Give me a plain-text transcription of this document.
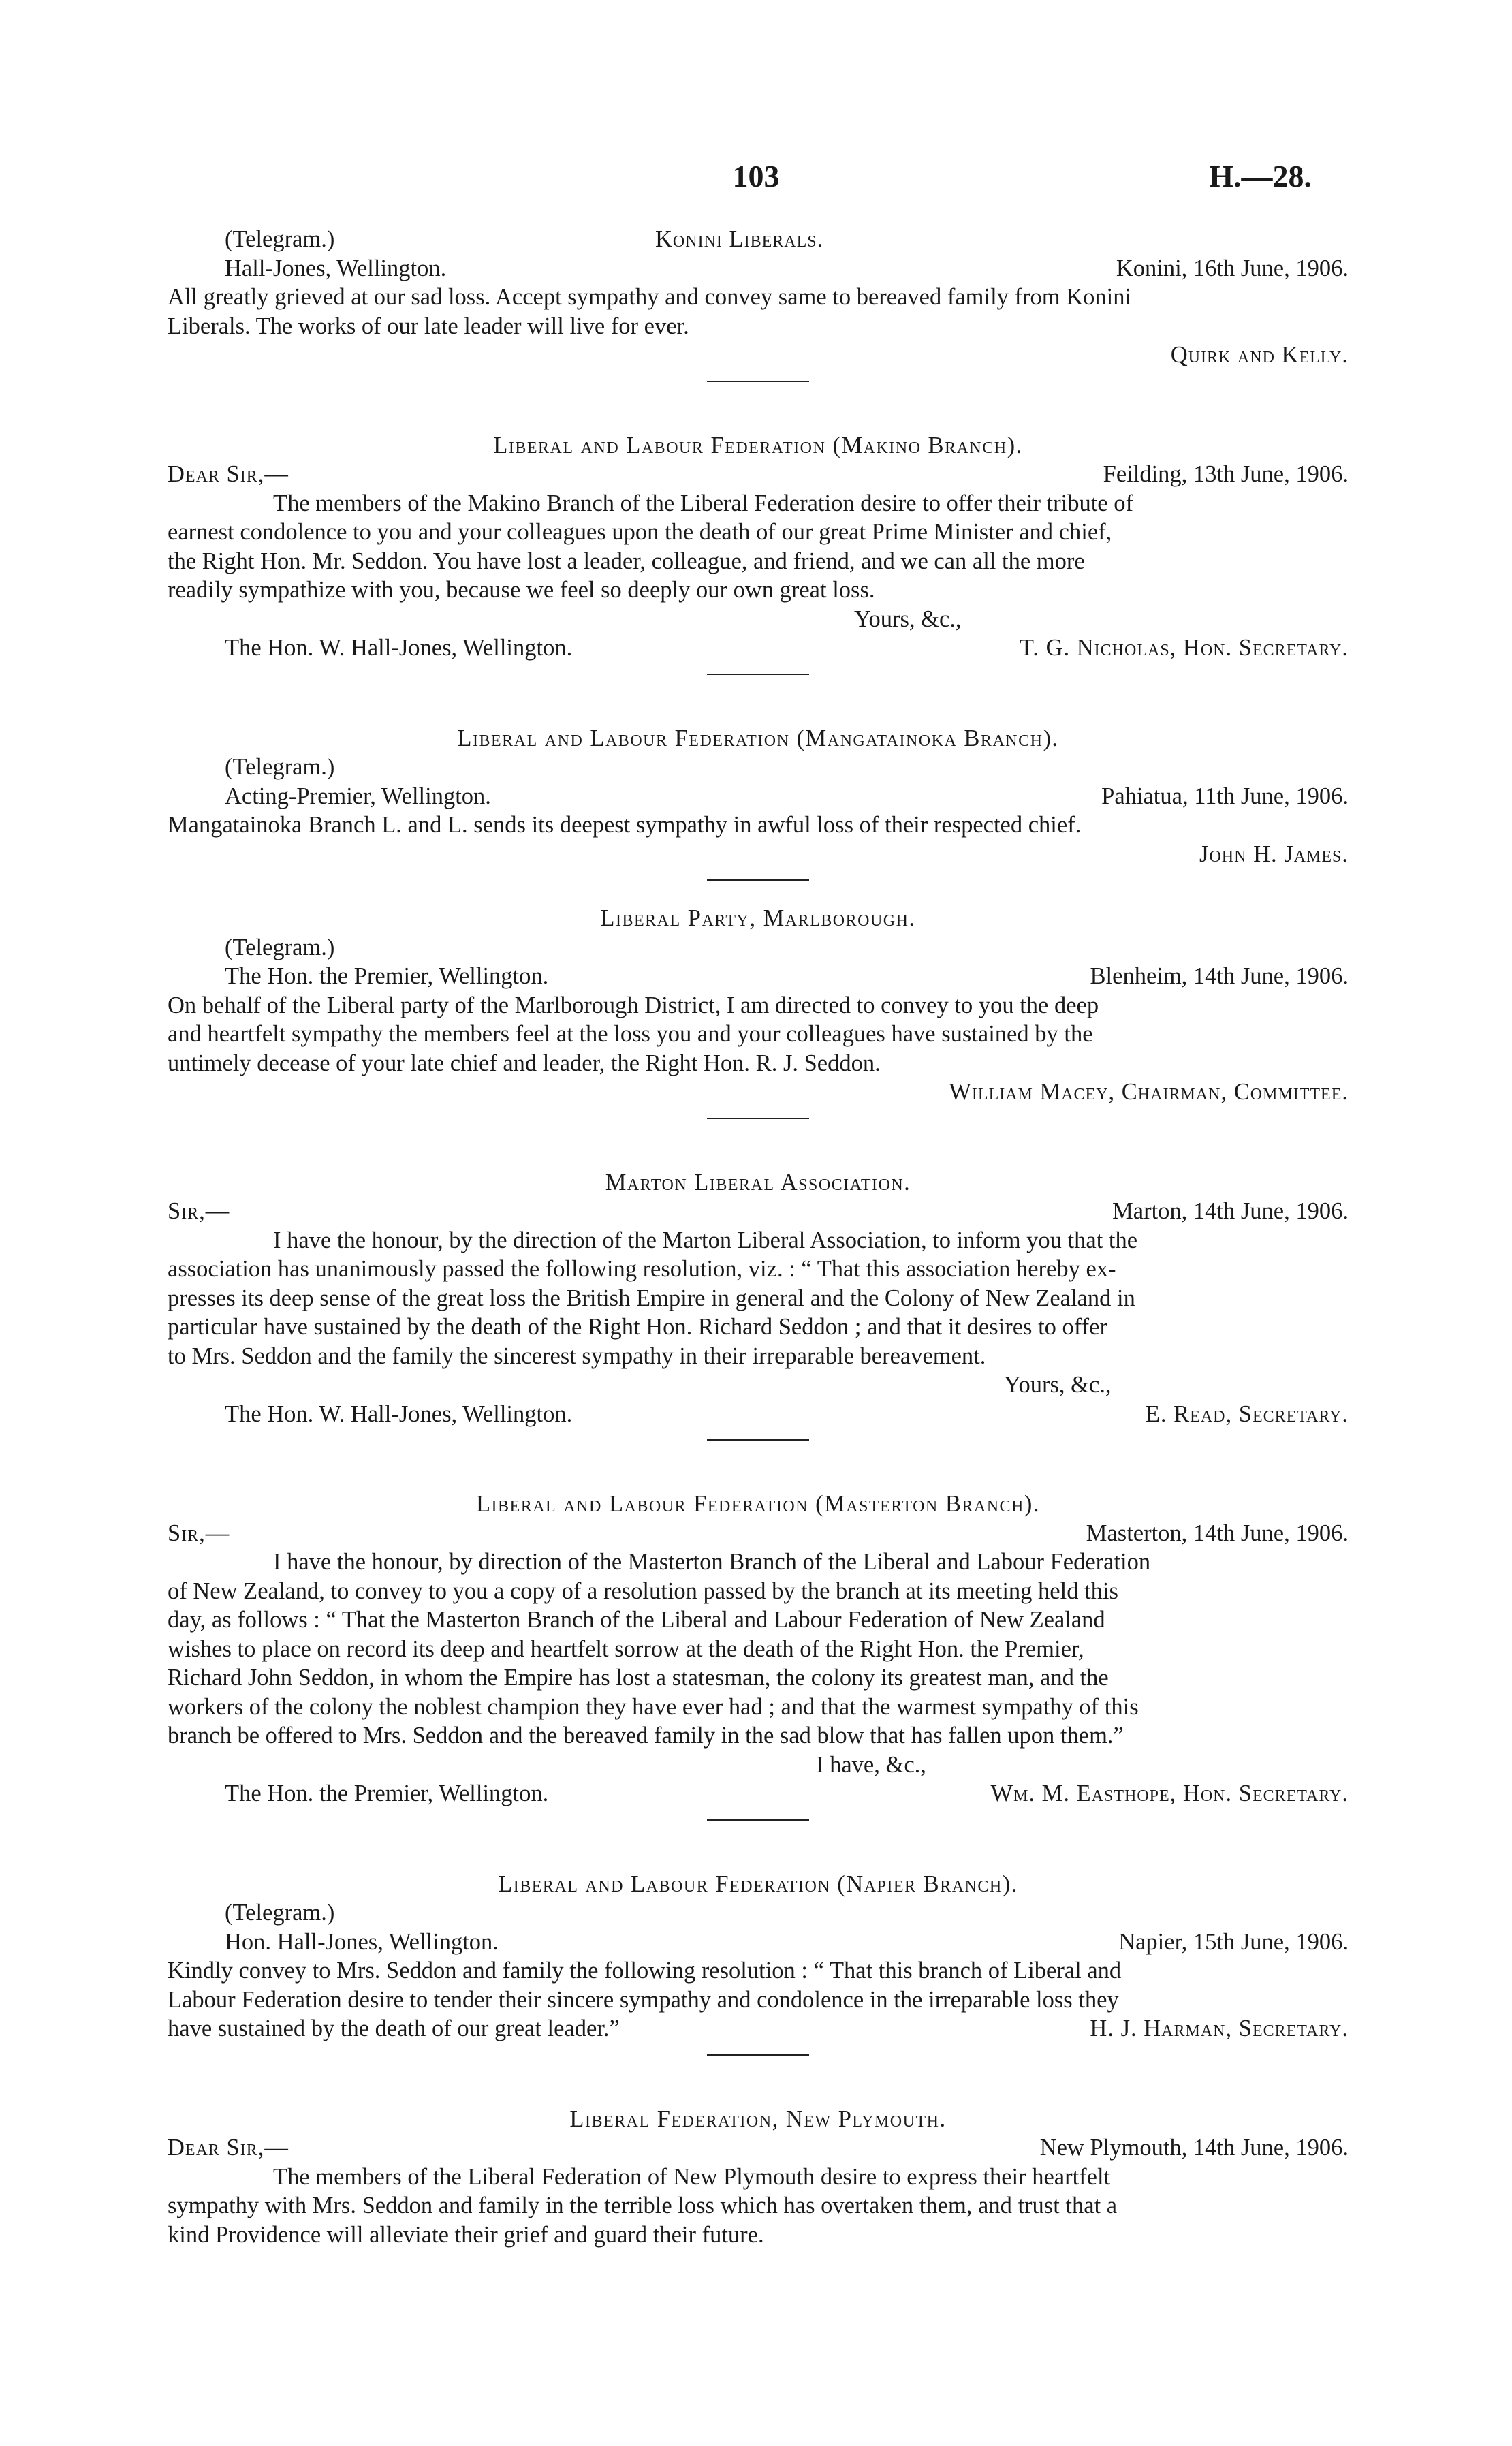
103	H.—28.
(Telegram.)	Konini Liberals.
Hall-Jones, Wellington.	Konini, 16th June, 1906.
All greatly grieved at our sad loss. Accept sympathy and convey same to bereaved family from Konini
Liberals. The works of our late leader will live for ever.
Quirk and Kelly.
Liberal and Labour Federation (Makino Branch).
Dear Sir,—	Feilding, 13th June, 1906.
The members of the Makino Branch of the Liberal Federation desire to offer their tribute of
earnest condolence to you and your colleagues upon the death of our great Prime Minister and chief,
the Right Hon. Mr. Seddon. You have lost a leader, colleague, and friend, and we can all the more
readily sympathize with you, because we feel so deeply our own great loss.
Yours, &c.,
The Hon. W. Hall-Jones, Wellington.	T. G. Nicholas, Hon. Secretary.
Liberal and Labour Federation (Mangatainoka Branch).
(Telegram.)
Acting-Premier, Wellington.	Pahiatua, 11th June, 1906.
Mangatainoka Branch L. and L. sends its deepest sympathy in awful loss of their respected chief.
John H. James.
Liberal Party, Marlborough.
(Telegram.)
The Hon. the Premier, Wellington.	Blenheim, 14th June, 1906.
On behalf of the Liberal party of the Marlborough District, I am directed to convey to you the deep
and heartfelt sympathy the members feel at the loss you and your colleagues have sustained by the
untimely decease of your late chief and leader, the Right Hon. R. J. Seddon.
William Macey, Chairman, Committee.
Marton Liberal Association.
Sir,—	Marton, 14th June, 1906.
I have the honour, by the direction of the Marton Liberal Association, to inform you that the
association has unanimously passed the following resolution, viz. : “ That this association hereby ex-
presses its deep sense of the great loss the British Empire in general and the Colony of New Zealand in
particular have sustained by the death of the Right Hon. Richard Seddon ; and that it desires to offer
to Mrs. Seddon and the family the sincerest sympathy in their irreparable bereavement.
Yours, &c.,
The Hon. W. Hall-Jones, Wellington.	E. Read, Secretary.
Liberal and Labour Federation (Masterton Branch).
Sir,—	Masterton, 14th June, 1906.
I have the honour, by direction of the Masterton Branch of the Liberal and Labour Federation
of New Zealand, to convey to you a copy of a resolution passed by the branch at its meeting held this
day, as follows : “ That the Masterton Branch of the Liberal and Labour Federation of New Zealand
wishes to place on record its deep and heartfelt sorrow at the death of the Right Hon. the Premier,
Richard John Seddon, in whom the Empire has lost a statesman, the colony its greatest man, and the
workers of the colony the noblest champion they have ever had ; and that the warmest sympathy of this
branch be offered to Mrs. Seddon and the bereaved family in the sad blow that has fallen upon them.”
I have, &c.,
The Hon. the Premier, Wellington.	Wm. M. Easthope, Hon. Secretary.
Liberal and Labour Federation (Napier Branch).
(Telegram.)
Hon. Hall-Jones, Wellington.	Napier, 15th June, 1906.
Kindly convey to Mrs. Seddon and family the following resolution : “ That this branch of Liberal and
Labour Federation desire to tender their sincere sympathy and condolence in the irreparable loss they
have sustained by the death of our great leader.”	H. J. Harman, Secretary.
Liberal Federation, New Plymouth.
Dear Sir,—	New Plymouth, 14th June, 1906.
The members of the Liberal Federation of New Plymouth desire to express their heartfelt
sympathy with Mrs. Seddon and family in the terrible loss which has overtaken them, and trust that a
kind Providence will alleviate their grief and guard their future.
